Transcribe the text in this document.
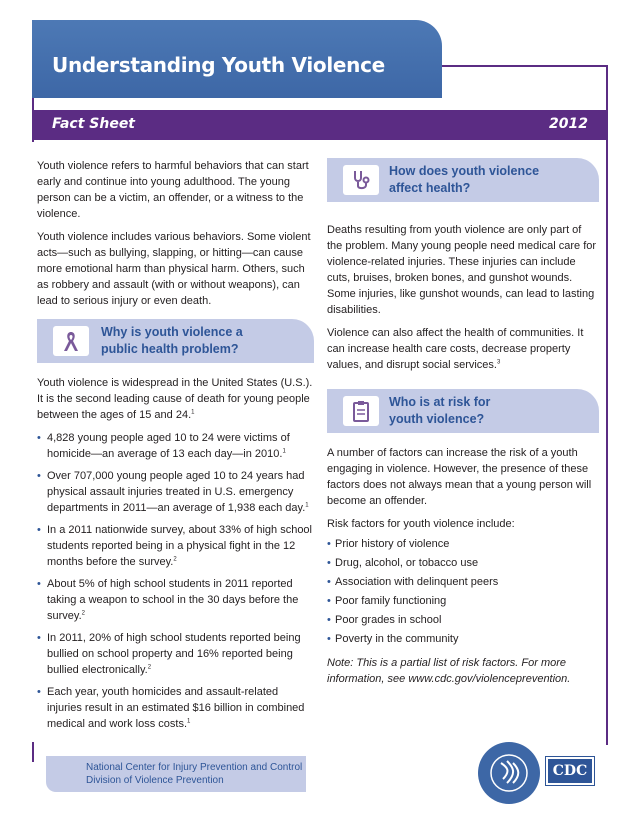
Understanding Youth Violence
Fact Sheet	2012

Youth violence refers to harmful behaviors that can start early and continue into young adulthood. The young person can be a victim, an offender, or a witness to the violence.

Youth violence includes various behaviors. Some violent acts—such as bullying, slapping, or hitting—can cause more emotional harm than physical harm. Others, such as robbery and assault (with or without weapons), can lead to serious injury or even death.

Why is youth violence a
public health problem?

Youth violence is widespread in the United States (U.S.). It is the second leading cause of death for young people between the ages of 15 and 24.$^1$

• 4,828 young people aged 10 to 24 were victims of homicide—an average of 13 each day—in 2010.$^1$
• Over 707,000 young people aged 10 to 24 years had physical assault injuries treated in U.S. emergency departments in 2011—an average of 1,938 each day.$^1$
• In a 2011 nationwide survey, about 33% of high school students reported being in a physical fight in the 12 months before the survey.$^2$
• About 5% of high school students in 2011 reported taking a weapon to school in the 30 days before the survey.$^2$
• In 2011, 20% of high school students reported being bullied on school property and 16% reported being bullied electronically.$^2$
• Each year, youth homicides and assault-related injuries result in an estimated $16 billion in combined medical and work loss costs.$^1$
How does youth violence
affect health?

Deaths resulting from youth violence are only part of the problem. Many young people need medical care for violence-related injuries. These injuries can include cuts, bruises, broken bones, and gunshot wounds. Some injuries, like gunshot wounds, can lead to lasting disabilities.

Violence can also affect the health of communities. It can increase health care costs, decrease property values, and disrupt social services.$^3$

Who is at risk for
youth violence?

A number of factors can increase the risk of a youth engaging in violence. However, the presence of these factors does not always mean that a young person will become an offender.

Risk factors for youth violence include:

• Prior history of violence
• Drug, alcohol, or tobacco use
• Association with delinquent peers
• Poor family functioning
• Poor grades in school
• Poverty in the community

Note: This is a partial list of risk factors. For more information, see www.cdc.gov/violenceprevention.

National Center for Injury Prevention and Control
Division of Violence Prevention
CDC
